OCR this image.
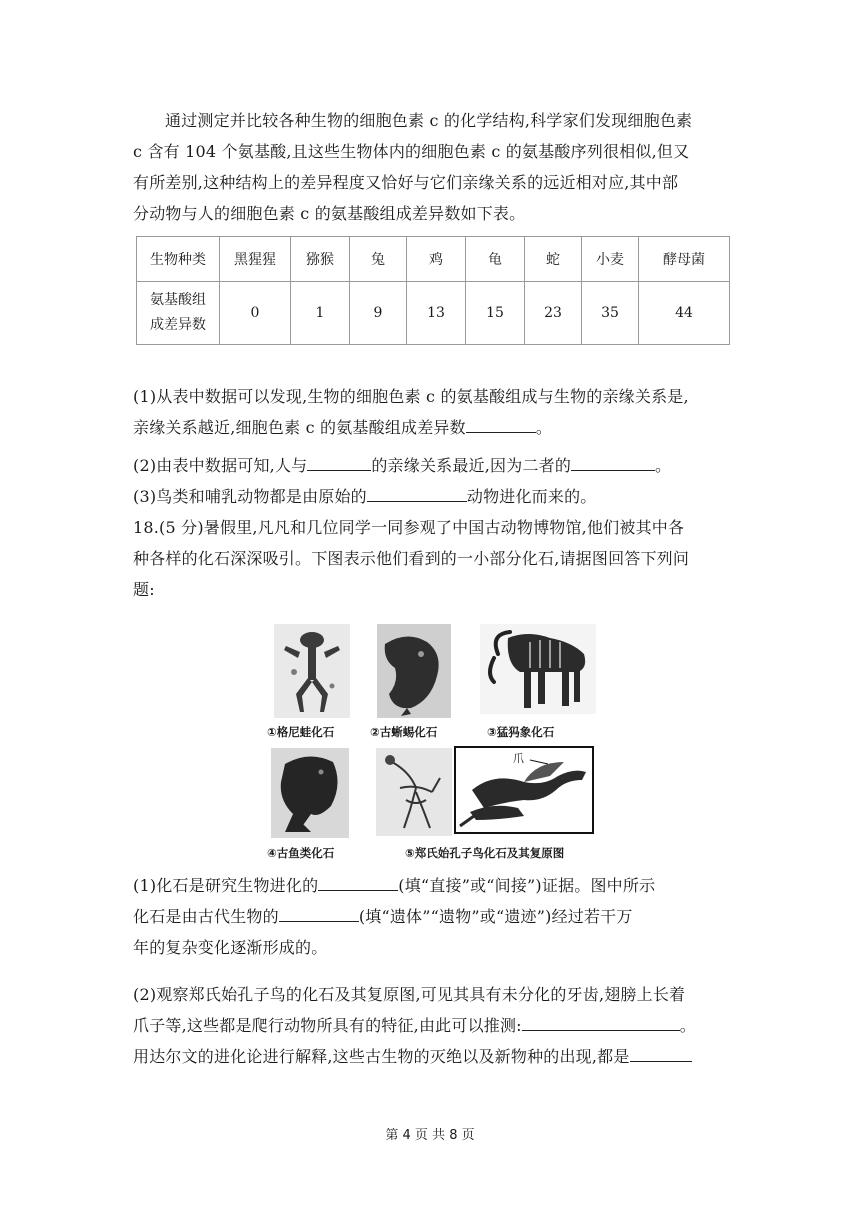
通过测定并比较各种生物的细胞色素 c 的化学结构,科学家们发现细胞色素
c 含有 104 个氨基酸,且这些生物体内的细胞色素 c 的氨基酸序列很相似,但又
有所差别,这种结构上的差异程度又恰好与它们亲缘关系的远近相对应,其中部
分动物与人的细胞色素 c 的氨基酸组成差异数如下表。
生物种类	黑猩猩	猕猴	兔	鸡	龟	蛇	小麦	酵母菌

氨基酸组
成差异数	0	1	9	13	15	23	35	44
(1)从表中数据可以发现,生物的细胞色素 c 的氨基酸组成与生物的亲缘关系是,
亲缘关系越近,细胞色素 c 的氨基酸组成差异数	。
(2)由表中数据可知,人与	的亲缘关系最近,因为二者的	。
(3)鸟类和哺乳动物都是由原始的	动物进化而来的。
18.(5 分)暑假里,凡凡和几位同学一同参观了中国古动物博物馆,他们被其中各
种各样的化石深深吸引。下图表示他们看到的一小部分化石,请据图回答下列问
题:
①格尼蛙化石	②古蜥蜴化石	③猛犸象化石
④古鱼类化石
爪
⑤郑氏始孔子鸟化石及其复原图
(1)化石是研究生物进化的	(填“直接”或“间接”)证据。图中所示
化石是由古代生物的	(填“遗体”“遗物”或“遗迹”)经过若干万
年的复杂变化逐渐形成的。
(2)观察郑氏始孔子鸟的化石及其复原图,可见其具有未分化的牙齿,翅膀上长着
爪子等,这些都是爬行动物所具有的特征,由此可以推测:	。
用达尔文的进化论进行解释,这些古生物的灭绝以及新物种的出现,都是
第 4 页 共 8 页
